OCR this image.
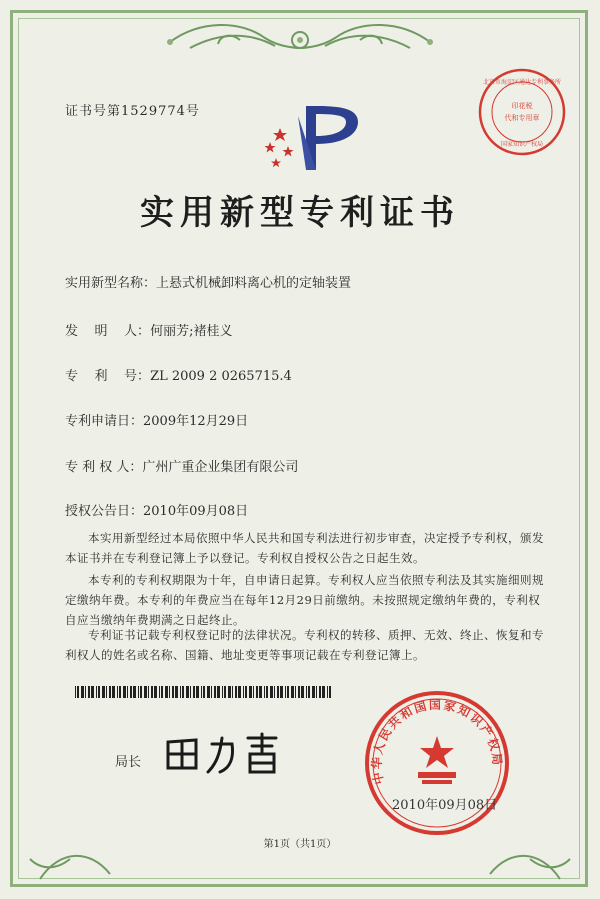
证书号第1529774号
北京市海淀区通达专利事务所
印花税
代和专用章
国家知识产权局
实用新型专利证书
实用新型名称：上悬式机械卸料离心机的定轴装置
发    明    人：何丽芳;褚桂义
专    利    号：ZL 2009 2 0265715.4
专利申请日：2009年12月29日
专 利 权 人：广州广重企业集团有限公司
授权公告日：2010年09月08日
本实用新型经过本局依照中华人民共和国专利法进行初步审查，决定授予专利权，颁发本证书并在专利登记簿上予以登记。专利权自授权公告之日起生效。
本专利的专利权期限为十年，自申请日起算。专利权人应当依照专利法及其实施细则规定缴纳年费。本专利的年费应当在每年12月29日前缴纳。未按照规定缴纳年费的，专利权自应当缴纳年费期满之日起终止。
专利证书记载专利权登记时的法律状况。专利权的转移、质押、无效、终止、恢复和专利权人的姓名或名称、国籍、地址变更等事项记载在专利登记簿上。
局长
中华人民共和国国家知识产权局
2010年09月08日
第1页（共1页）
